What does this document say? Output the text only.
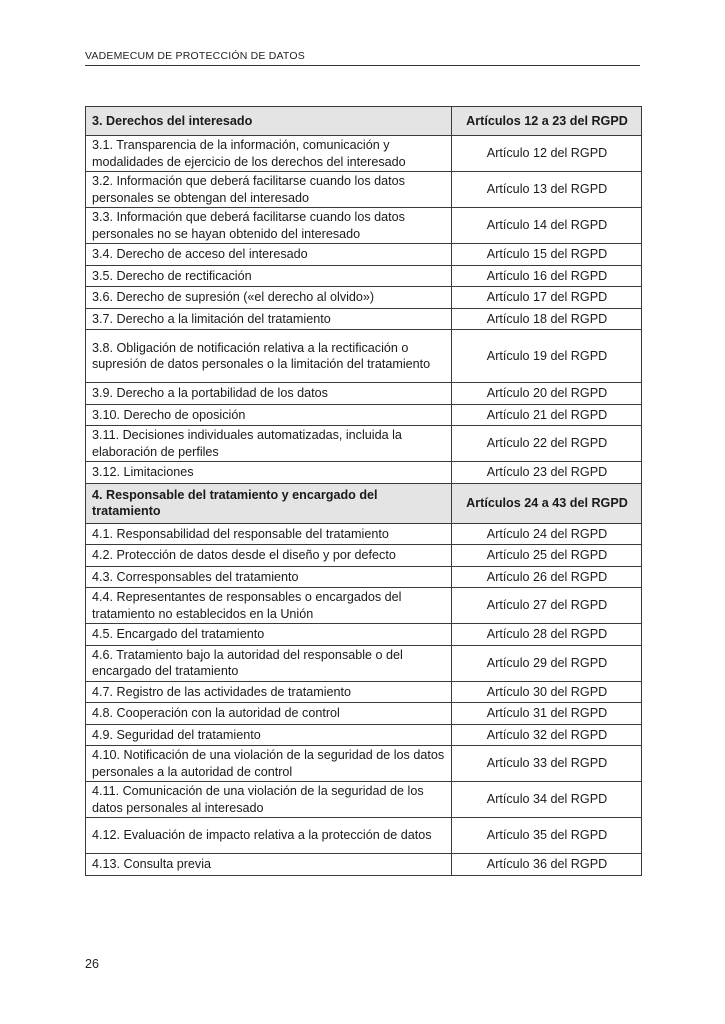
VADEMECUM DE PROTECCIÓN DE DATOS
3. Derechos del interesado	Artículos 12 a 23 del RGPD
3.1. Transparencia de la información, comunicación y modalidades de ejercicio de los derechos del interesado	Artículo 12 del RGPD
3.2. Información que deberá facilitarse cuando los datos personales se obtengan del interesado	Artículo 13 del RGPD
3.3. Información que deberá facilitarse cuando los datos personales no se hayan obtenido del interesado	Artículo 14 del RGPD
3.4. Derecho de acceso del interesado	Artículo 15 del RGPD
3.5. Derecho de rectificación	Artículo 16 del RGPD
3.6. Derecho de supresión («el derecho al olvido»)	Artículo 17 del RGPD
3.7. Derecho a la limitación del tratamiento	Artículo 18 del RGPD
3.8. Obligación de notificación relativa a la rectificación o supresión de datos personales o la limitación del tratamiento	Artículo 19 del RGPD
3.9. Derecho a la portabilidad de los datos	Artículo 20 del RGPD
3.10. Derecho de oposición	Artículo 21 del RGPD
3.11. Decisiones individuales automatizadas, incluida la elaboración de perfiles	Artículo 22 del RGPD
3.12. Limitaciones	Artículo 23 del RGPD
4. Responsable del tratamiento y encargado del tratamiento	Artículos 24 a 43 del RGPD
4.1. Responsabilidad del responsable del tratamiento	Artículo 24 del RGPD
4.2. Protección de datos desde el diseño y por defecto	Artículo 25 del RGPD
4.3. Corresponsables del tratamiento	Artículo 26 del RGPD
4.4. Representantes de responsables o encargados del tratamiento no establecidos en la Unión	Artículo 27 del RGPD
4.5. Encargado del tratamiento	Artículo 28 del RGPD
4.6. Tratamiento bajo la autoridad del responsable o del encargado del tratamiento	Artículo 29 del RGPD
4.7. Registro de las actividades de tratamiento	Artículo 30 del RGPD
4.8. Cooperación con la autoridad de control	Artículo 31 del RGPD
4.9. Seguridad del tratamiento	Artículo 32 del RGPD
4.10. Notificación de una violación de la seguridad de los datos personales a la autoridad de control	Artículo 33 del RGPD
4.11. Comunicación de una violación de la seguridad de los datos personales al interesado	Artículo 34 del RGPD
4.12. Evaluación de impacto relativa a la protección de datos	Artículo 35 del RGPD
4.13. Consulta previa	Artículo 36 del RGPD
26
